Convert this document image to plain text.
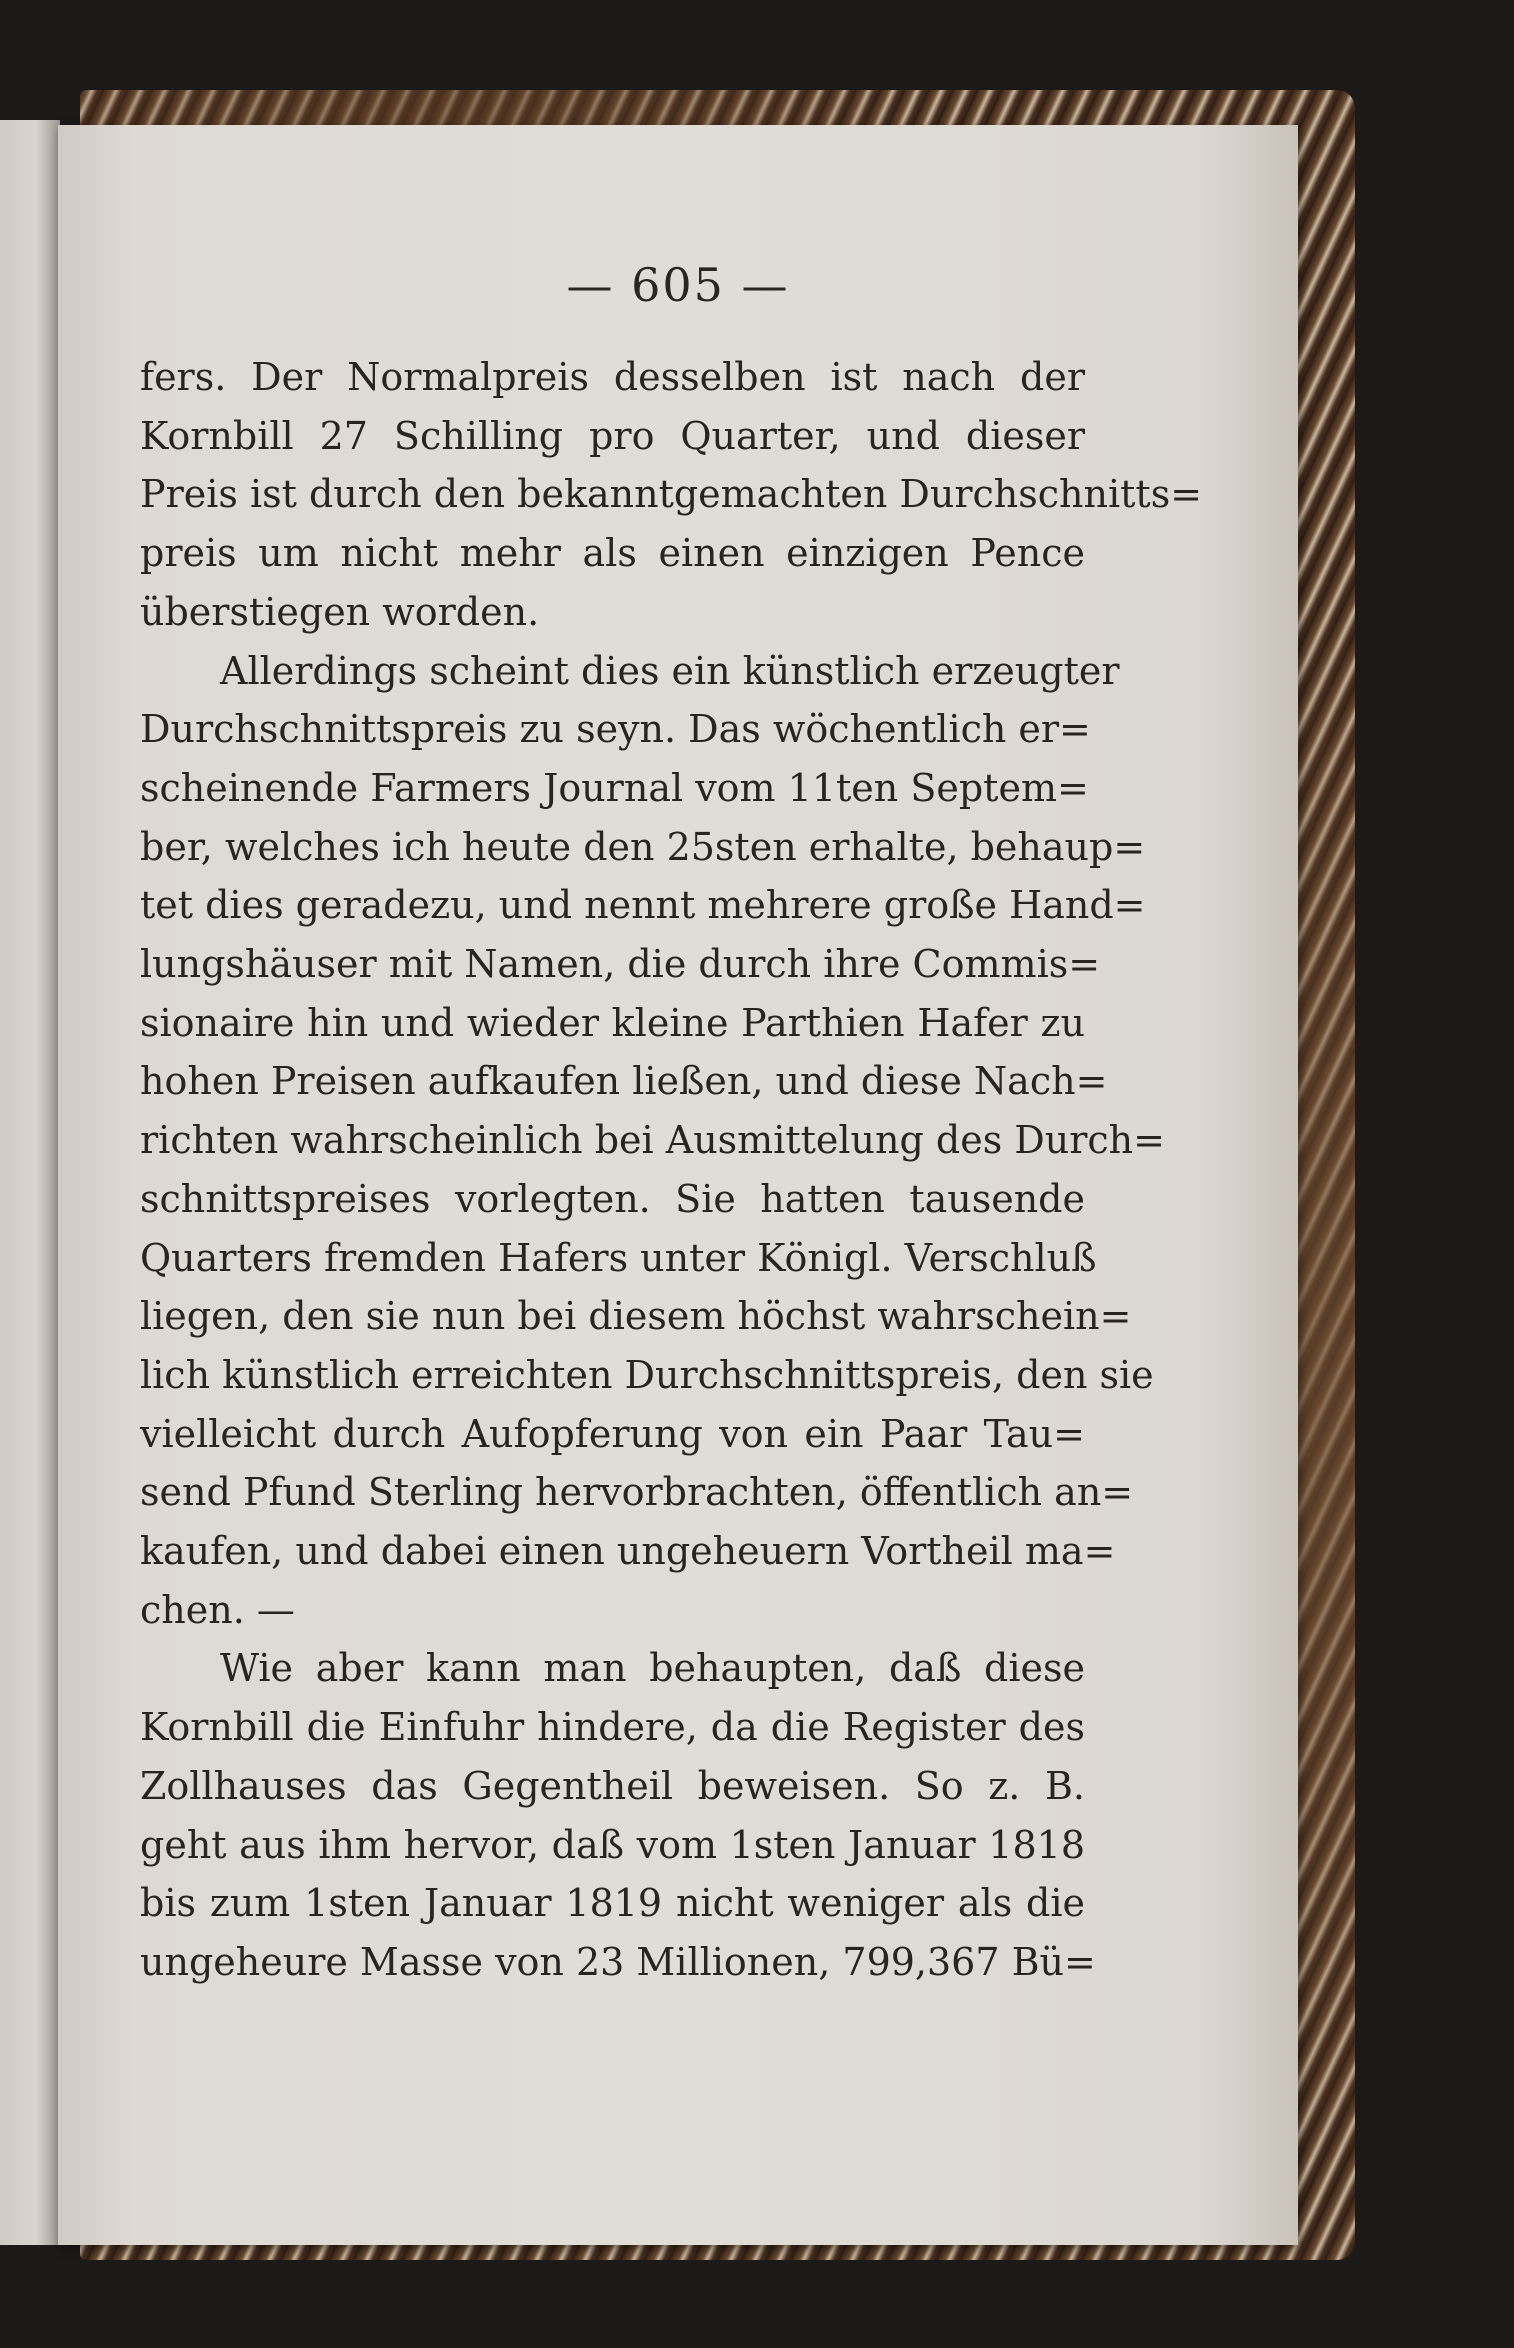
— 605 —
fers. Der Normalpreis desselben ist nach der
Kornbill 27 Schilling pro Quarter, und dieser
Preis ist durch den bekanntgemachten Durchschnitts=
preis um nicht mehr als einen einzigen Pence
überstiegen worden.
Allerdings scheint dies ein künstlich erzeugter
Durchschnittspreis zu seyn. Das wöchentlich er=
scheinende Farmers Journal vom 11ten Septem=
ber, welches ich heute den 25sten erhalte, behaup=
tet dies geradezu, und nennt mehrere große Hand=
lungshäuser mit Namen, die durch ihre Commis=
sionaire hin und wieder kleine Parthien Hafer zu
hohen Preisen aufkaufen ließen, und diese Nach=
richten wahrscheinlich bei Ausmittelung des Durch=
schnittspreises vorlegten. Sie hatten tausende
Quarters fremden Hafers unter Königl. Verschluß
liegen, den sie nun bei diesem höchst wahrschein=
lich künstlich erreichten Durchschnittspreis, den sie
vielleicht durch Aufopferung von ein Paar Tau=
send Pfund Sterling hervorbrachten, öffentlich an=
kaufen, und dabei einen ungeheuern Vortheil ma=
chen. —
Wie aber kann man behaupten, daß diese
Kornbill die Einfuhr hindere, da die Register des
Zollhauses das Gegentheil beweisen. So z. B.
geht aus ihm hervor, daß vom 1sten Januar 1818
bis zum 1sten Januar 1819 nicht weniger als die
ungeheure Masse von 23 Millionen, 799,367 Bü=
